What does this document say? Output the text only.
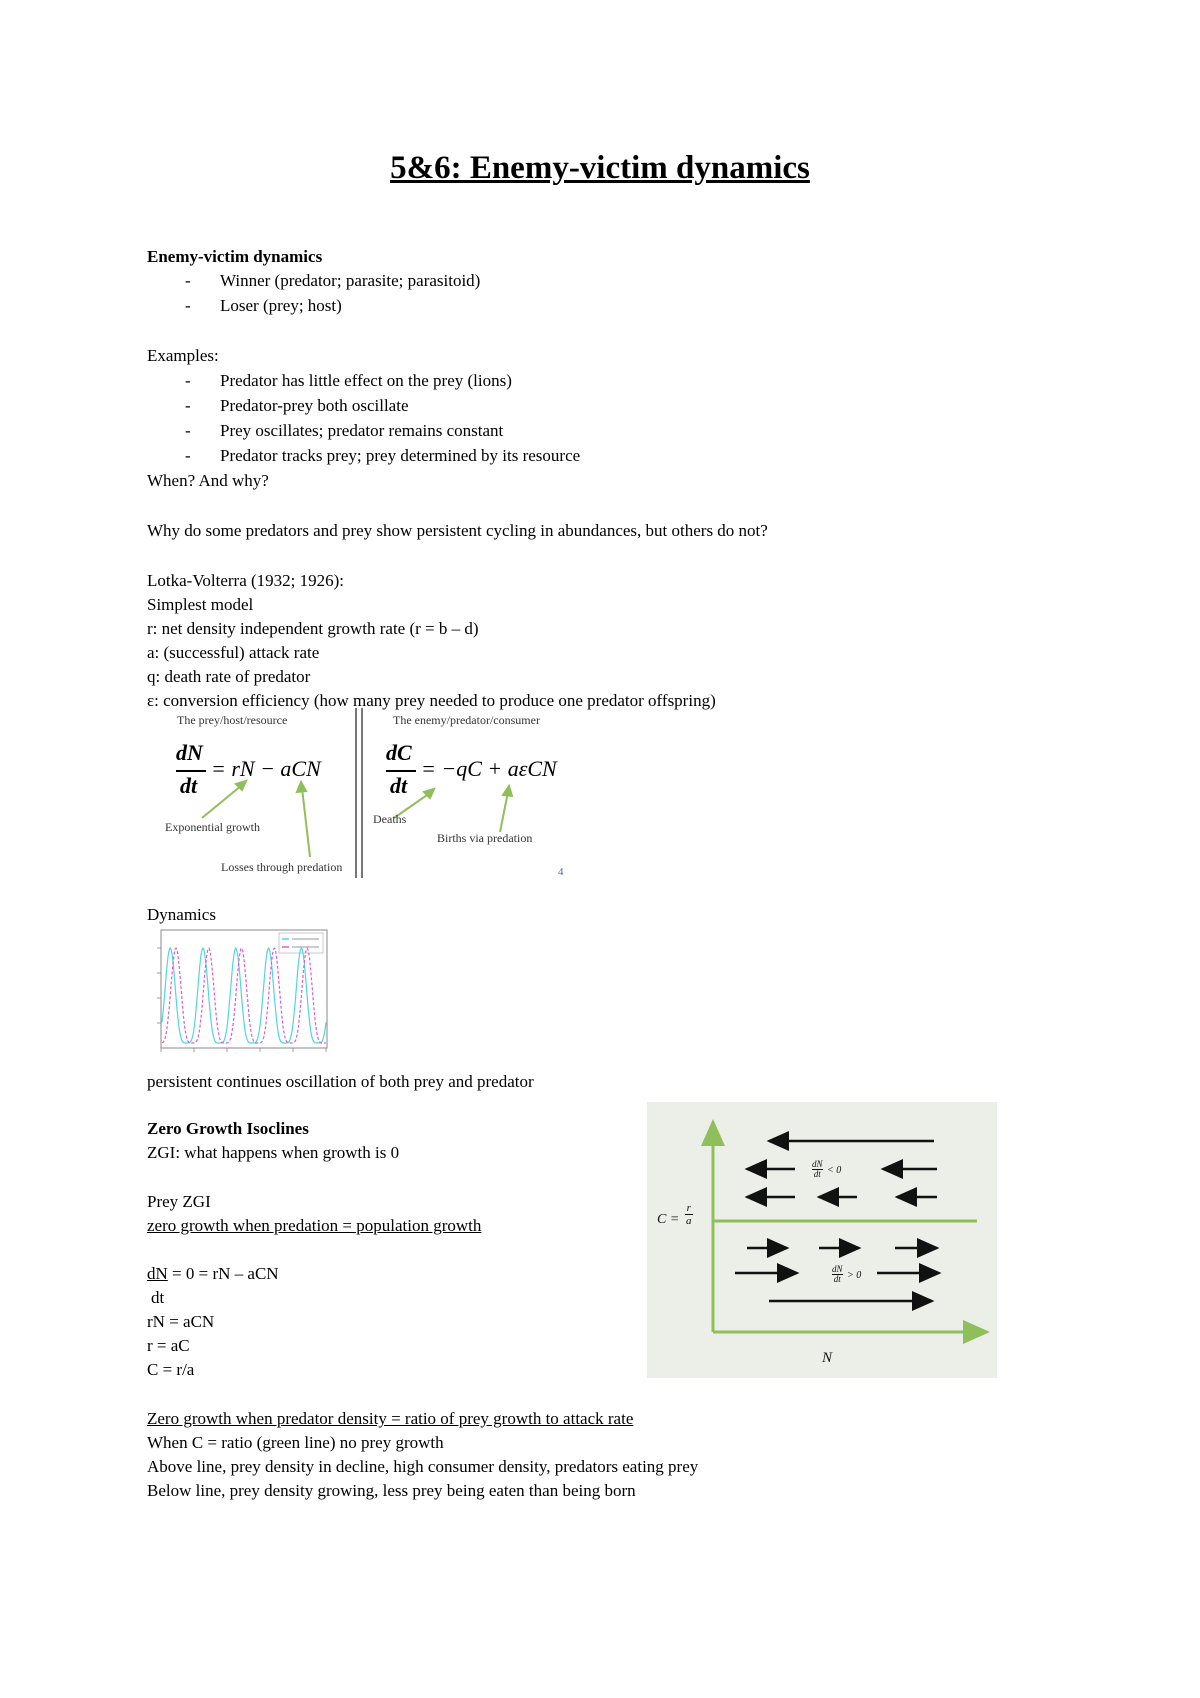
5&6: Enemy-victim dynamics
Enemy-victim dynamics
- Winner (predator; parasite; parasitoid)
- Loser (prey; host)
Examples:
- Predator has little effect on the prey (lions)
- Predator-prey both oscillate
- Prey oscillates; predator remains constant
- Predator tracks prey; prey determined by its resource
When? And why?
Why do some predators and prey show persistent cycling in abundances, but others do not?
Lotka-Volterra (1932; 1926):
Simplest model
r: net density independent growth rate (r = b – d)
a: (successful) attack rate
q: death rate of predator
ε: conversion efficiency (how many prey needed to produce one predator offspring)
The prey/host/resource	The enemy/predator/consumer
dN
dt
= rN − aCN
dC
dt
= −qC + aεCN
Exponential growth
Losses through predation
Deaths
Births via predation
4
Dynamics
persistent continues oscillation of both prey and predator
Zero Growth Isoclines
ZGI: what happens when growth is 0
Prey ZGI
zero growth when predation = population growth
dN = 0 = rN – aCN
dt
rN = aCN
r = aC
C = r/a
Zero growth when predator density = ratio of prey growth to attack rate
When C = ratio (green line) no prey growth
Above line, prey density in decline, high consumer density, predators eating prey
Below line, prey density growing, less prey being eaten than being born
$\frac{dN}{dt} < 0$
$\frac{dN}{dt} > 0$
$C = \frac{r}{a}$
N
